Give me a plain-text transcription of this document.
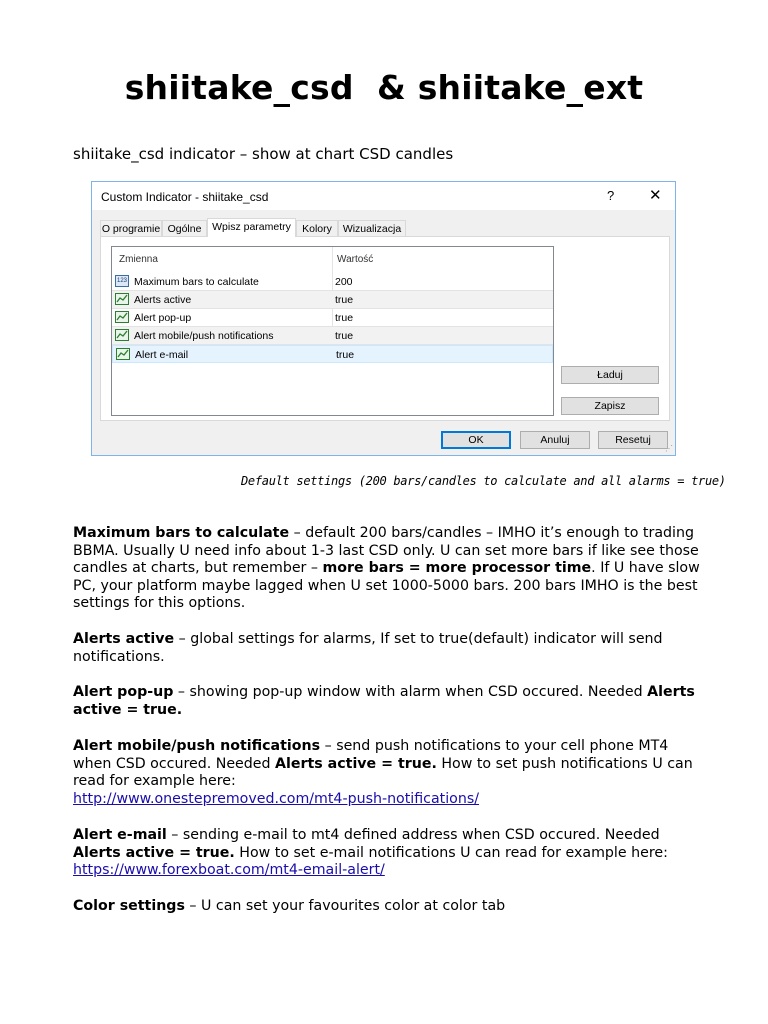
shiitake_csd  & shiitake_ext
shiitake_csd indicator – show at chart CSD candles
Custom Indicator - shiitake_csd	? ✕
O programie Ogólne	Wpisz parametry	Kolory	Wizualizacja
Zmienna	Wartość
123 Maximum bars to calculate	200
Alerts active	true
Alert pop-up	true
Alert mobile/push notifications	true
Alert e-mail	true
Ładuj
Zapisz
OK	Anuluj	Resetuj
⋰
Default settings (200 bars/candles to calculate and all alarms = true)
Maximum bars to calculate – default 200 bars/candles – IMHO it’s enough to trading BBMA. Usually U need info about 1-3 last CSD only. U can set more bars if like see those candles at charts, but remember – more bars = more processor time. If U have slow PC, your platform maybe lagged when U set 1000-5000 bars. 200 bars IMHO is the best settings for this options.
Alerts active – global settings for alarms, If set to true(default) indicator will send notifications.
Alert pop-up – showing pop-up window with alarm when CSD occured. Needed Alerts active = true.
Alert mobile/push notifications – send push notifications to your cell phone MT4 when CSD occured. Needed Alerts active = true. How to set push notifications U can read for example here:
http://www.onestepremoved.com/mt4-push-notifications/
Alert e-mail – sending e-mail to mt4 defined address when CSD occured. Needed Alerts active = true. How to set e-mail notifications U can read for example here: https://www.forexboat.com/mt4-email-alert/
Color settings – U can set your favourites color at color tab
